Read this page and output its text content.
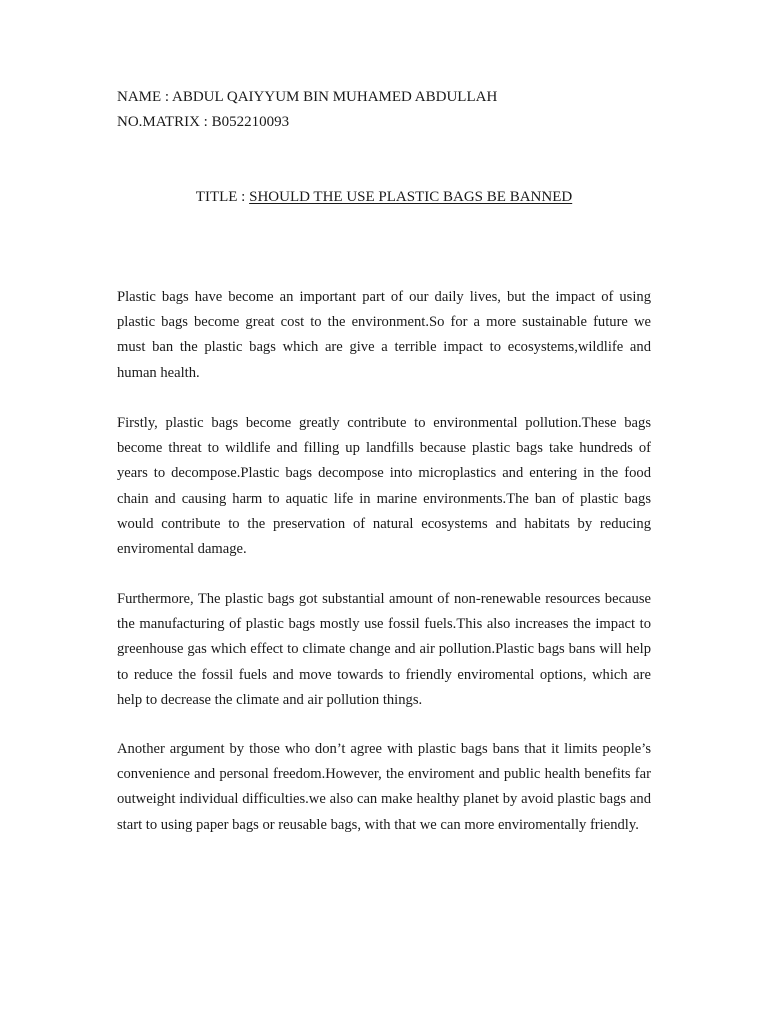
NAME : ABDUL QAIYYUM BIN MUHAMED ABDULLAH
NO.MATRIX : B052210093
TITLE : SHOULD THE USE PLASTIC BAGS BE BANNED

Plastic bags have become an important part of our daily lives, but the impact of using plastic bags become great cost to the environment.So for a more sustainable future we must ban the plastic bags which are give a terrible impact to ecosystems,wildlife and human health.

Firstly, plastic bags become greatly contribute to environmental pollution.These bags become threat to wildlife and filling up landfills because plastic bags take hundreds of years to decompose.Plastic bags decompose into microplastics and entering in the food chain and causing harm to aquatic life in marine environments.The ban of plastic bags would contribute to the preservation of natural ecosystems and habitats by reducing enviromental damage.

Furthermore, The plastic bags got substantial amount of non-renewable resources because the manufacturing of plastic bags mostly use fossil fuels.This also increases the impact to greenhouse gas which effect to climate change and air pollution.Plastic bags bans will help to reduce the fossil fuels and move towards to friendly enviromental options, which are help to decrease the climate and air pollution things.

Another argument by those who don’t agree with plastic bags bans that it limits people’s convenience and personal freedom.However, the enviroment and public health benefits far outweight individual difficulties.we also can make healthy planet by avoid plastic bags and start to using paper bags or reusable bags, with that we can more enviromentally friendly.
